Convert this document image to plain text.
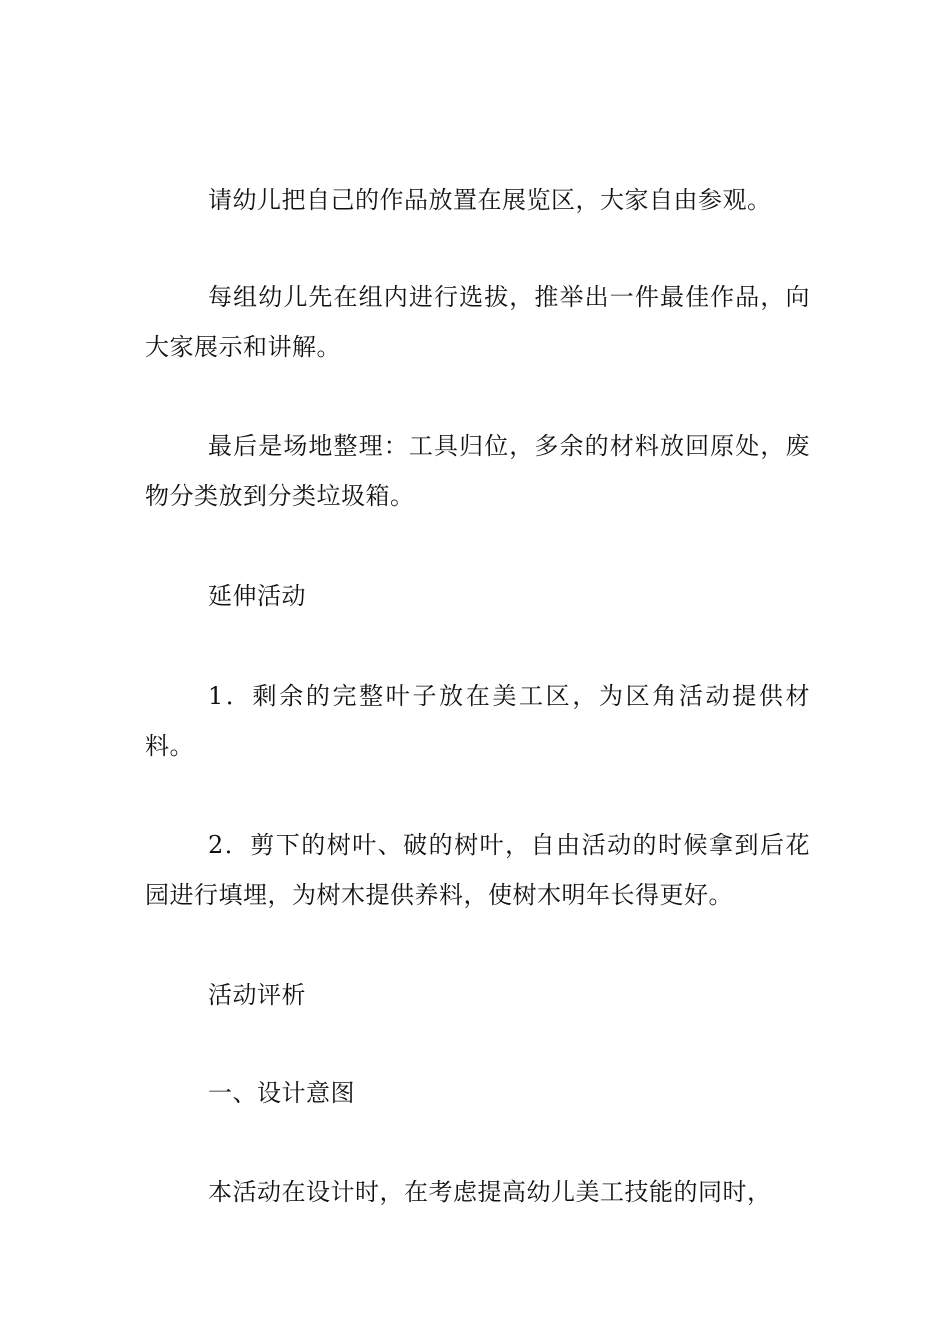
请幼儿把自己的作品放置在展览区，大家自由参观。

每组幼儿先在组内进行选拔，推举出一件最佳作品，向大家展示和讲解。

最后是场地整理：工具归位，多余的材料放回原处，废物分类放到分类垃圾箱。

延伸活动

1．剩余的完整叶子放在美工区，为区角活动提供材料。

2．剪下的树叶、破的树叶，自由活动的时候拿到后花园进行填埋，为树木提供养料，使树木明年长得更好。

活动评析

一、设计意图

本活动在设计时，在考虑提高幼儿美工技能的同时，
